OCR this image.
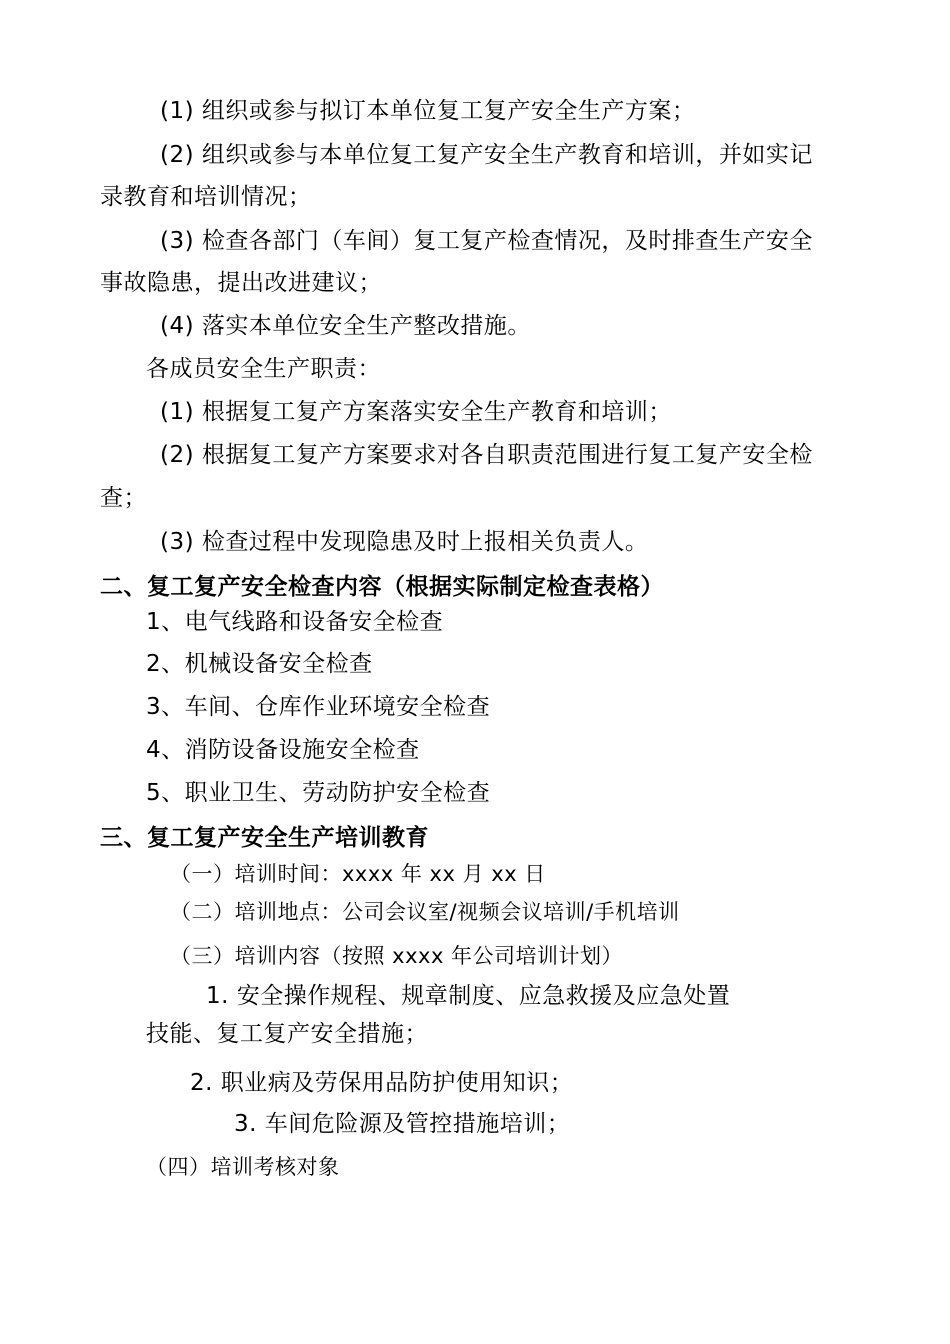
(1) 组织或参与拟订本单位复工复产安全生产方案；
(2) 组织或参与本单位复工复产安全生产教育和培训，并如实记
录教育和培训情况；
(3) 检查各部门（车间）复工复产检查情况，及时排查生产安全
事故隐患，提出改进建议；
(4) 落实本单位安全生产整改措施。
各成员安全生产职责：
(1) 根据复工复产方案落实安全生产教育和培训；
(2) 根据复工复产方案要求对各自职责范围进行复工复产安全检
查；
(3) 检查过程中发现隐患及时上报相关负责人。
二、复工复产安全检查内容（根据实际制定检查表格）
1、电气线路和设备安全检查
2、机械设备安全检查
3、车间、仓库作业环境安全检查
4、消防设备设施安全检查
5、职业卫生、劳动防护安全检查
三、复工复产安全生产培训教育
（一）培训时间：xxxx 年 xx 月 xx 日
（二）培训地点：公司会议室/视频会议培训/手机培训
（三）培训内容（按照 xxxx 年公司培训计划）
1. 安全操作规程、规章制度、应急救援及应急处置
技能、复工复产安全措施；
2. 职业病及劳保用品防护使用知识；
3. 车间危险源及管控措施培训；
（四）培训考核对象
